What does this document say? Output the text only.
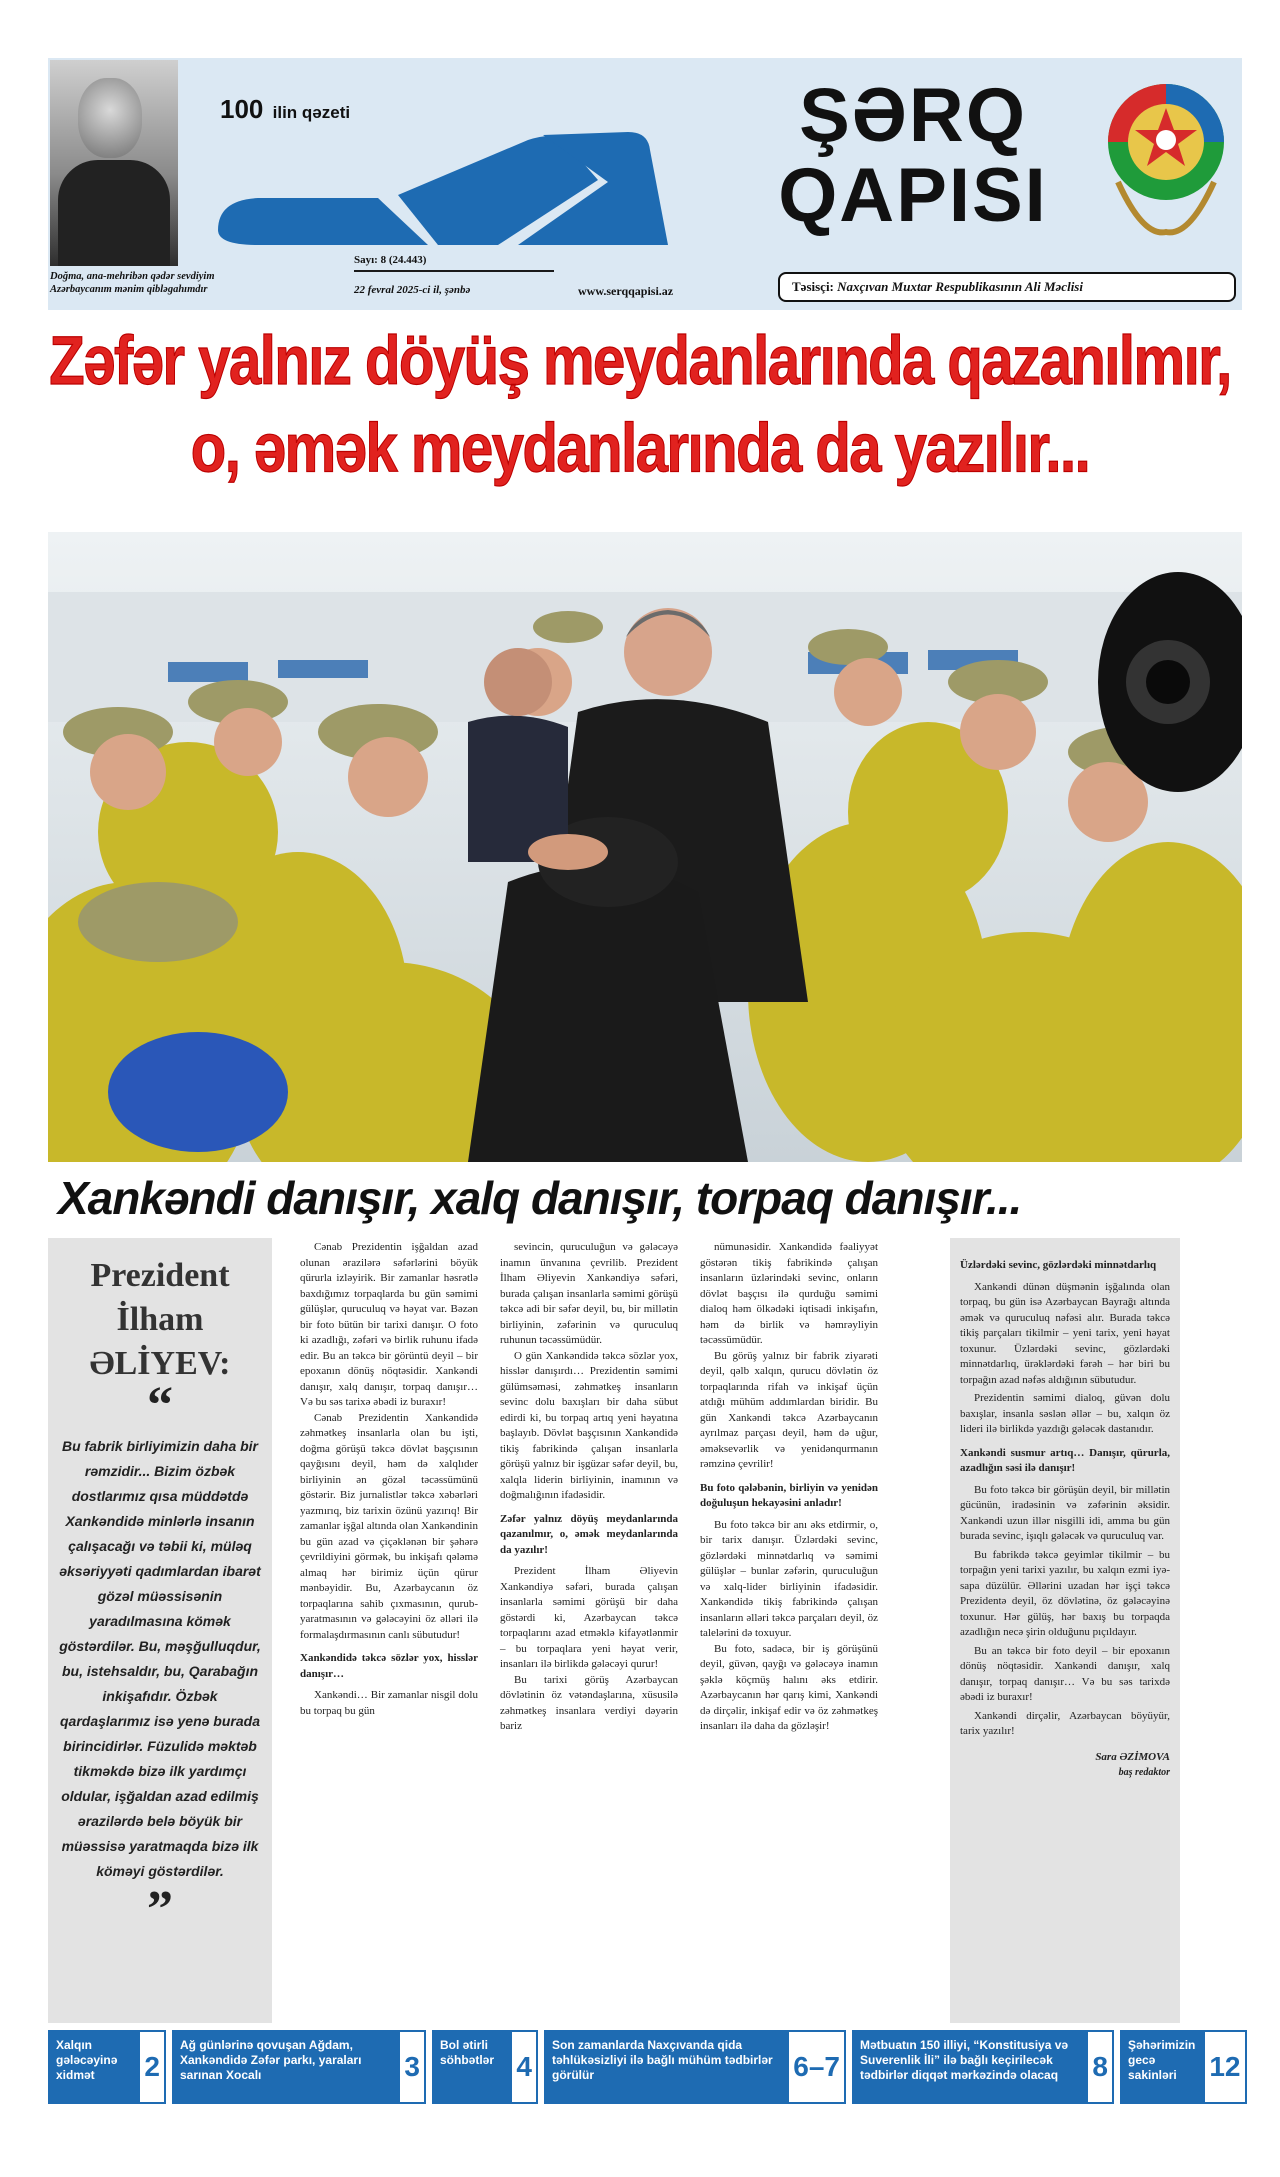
Doğma, ana-mehribən qədər sevdiyim Azərbaycanım mənim qibləgahımdır
100 ilin qəzeti	ŞƏRQ
QAPISI
Sayı: 8 (24.443)
22 fevral 2025-ci il, şənbə	www.serqqapisi.az	Təsisçi: Naxçıvan Muxtar Respublikasının Ali Məclisi
Zəfər yalnız döyüş meydanlarında qazanılmır,
o, əmək meydanlarında da yazılır...
Xankəndi danışır, xalq danışır, torpaq danışır...
Prezident
İlham
ƏLİYEV:
“
Bu fabrik birliyimizin daha bir rəmzidir... Bizim özbək dostlarımız qısa müddətdə Xankəndidə minlərlə insanın çalışacağı və təbii ki, müləq əksəriyyəti qadımlardan ibarət gözəl müəssisənin yaradılmasına kömək göstərdilər. Bu, məşğulluqdur, bu, istehsaldır, bu, Qarabağın inkişafıdır. Özbək qardaşlarımız isə yenə burada birincidirlər. Füzulidə məktəb tikməkdə bizə ilk yardımçı oldular, işğaldan azad edilmiş ərazilərdə belə böyük bir müəssisə yaratmaqda bizə ilk köməyi göstərdilər.
”

Cənab Prezidentin işğaldan azad olunan ərazilərə səfərlərini böyük qürurla izləyirik. Bir zamanlar həsrətlə baxdığımız torpaqlarda bu gün səmimi gülüşlər, quruculuq və həyat var. Bəzən bir foto bütün bir tarixi danışır. O foto ki azadlığı, zəfəri və birlik ruhunu ifadə edir. Bu an təkcə bir görüntü deyil – bir epoxanın dönüş nöqtəsidir. Xankəndi danışır, xalq danışır, torpaq danışır… Və bu səs tarixə əbədi iz buraxır!

Cənab Prezidentin Xankəndidə zəhmətkeş insanlarla olan bu işti, doğma görüşü təkcə dövlət başçısının qayğısını deyil, həm də xalqlıder birliyinin ən gözəl təcəssümünü göstərir. Biz jurnalistlər təkcə xəbərləri yazmırıq, biz tarixin özünü yazırıq! Bir zamanlar işğal altında olan Xankəndinin bu gün azad və çiçəklənən bir şəhərə çevrildiyini görmək, bu inkişafı qələmə almaq hər birimiz üçün qürur mənbəyidir. Bu, Azərbaycanın öz torpaqlarına sahib çıxmasının, qurub-yaratmasının və gələcəyini öz əlləri ilə formalaşdırmasının canlı sübutudur!

Xankəndidə təkcə sözlər yox, hisslər danışır…

Xankəndi… Bir zamanlar nisgil dolu bu torpaq bu gün

sevincin, quruculuğun və gələcəyə inamın ünvanına çevrilib. Prezident İlham Əliyevin Xankəndiyə səfəri, burada çalışan insanlarla səmimi görüşü təkcə adi bir səfər deyil, bu, bir millətin birliyinin, zəfərinin və quruculuq ruhunun təcəssümüdür.

O gün Xankəndidə təkcə sözlər yox, hisslər danışırdı… Prezidentin səmimi gülümsəməsi, zəhmətkeş insanların sevinc dolu baxışları bir daha sübut edirdi ki, bu torpaq artıq yeni həyatına başlayıb. Dövlət başçısının Xankəndidə tikiş fabrikində çalışan insanlarla görüşü yalnız bir işgüzar səfər deyil, bu, xalqla liderin birliyinin, inamının və doğmalığının ifadəsidir.

Zəfər yalnız döyüş meydanlarında qazanılmır, o, əmək meydanlarında da yazılır!

Prezident İlham Əliyevin Xankəndiyə səfəri, burada çalışan insanlarla səmimi görüşü bir daha göstərdi ki, Azərbaycan təkcə torpaqlarını azad etməklə kifayətlənmir – bu torpaqlara yeni həyat verir, insanları ilə birlikdə gələcəyi qurur!

Bu tarixi görüş Azərbaycan dövlətinin öz vətəndaşlarına, xüsusilə zəhmətkeş insanlara verdiyi dəyərin bariz

nümunəsidir. Xankəndidə fəaliyyət göstərən tikiş fabrikində çalışan insanların üzlərindəki sevinc, onların dövlət başçısı ilə qurduğu səmimi dialoq həm ölkədəki iqtisadi inkişafın, həm də birlik və həmrəyliyin təcəssümüdür.

Bu görüş yalnız bir fabrik ziyarəti deyil, qəlb xalqın, qurucu dövlətin öz torpaqlarında rifah və inkişaf üçün atdığı mühüm addımlardan biridir. Bu gün Xankəndi təkcə Azərbaycanın ayrılmaz parçası deyil, həm də uğur, əməksevərlik və yenidənqurmanın rəmzinə çevrilir!

Bu foto qələbənin, birliyin və yenidən doğuluşun hekayəsini anladır!

Bu foto təkcə bir anı əks etdirmir, o, bir tarix danışır. Üzlərdəki sevinc, gözlərdəki minnətdarlıq və səmimi gülüşlər – bunlar zəfərin, quruculuğun və xalq-lider birliyinin ifadəsidir. Xankəndidə tikiş fabrikində çalışan insanların əlləri təkcə parçaları deyil, öz talelərini də toxuyur.

Bu foto, sadəcə, bir iş görüşünü deyil, güvən, qayğı və gələcəyə inamın şəklə köçmüş halını əks etdirir. Azərbaycanın hər qarış kimi, Xankəndi də dirçəlir, inkişaf edir və öz zəhmətkeş insanları ilə daha da gözləşir!

Üzlərdəki sevinc, gözlərdəki minnətdarlıq

Xankəndi dünən düşmənin işğalında olan torpaq, bu gün isə Azərbaycan Bayrağı altında əmək və quruculuq nəfəsi alır. Burada təkcə tikiş parçaları tikilmir – yeni tarix, yeni həyat toxunur. Üzlərdəki sevinc, gözlərdəki minnətdarlıq, ürəklərdəki fərəh – hər biri bu torpağın azad nəfəs aldığının sübutudur.

Prezidentin səmimi dialoq, güvən dolu baxışlar, insanla səslən əllər – bu, xalqın öz lideri ilə birlikdə yazdığı gələcək dastanıdır.

Xankəndi susmur artıq… Danışır, qürurla, azadlığın səsi ilə danışır!

Bu foto təkcə bir görüşün deyil, bir millətin gücünün, iradəsinin və zəfərinin əksidir. Xankəndi uzun illər nisgilli idi, amma bu gün burada sevinc, işıqlı gələcək və quruculuq var.

Bu fabrikdə təkcə geyimlər tikilmir – bu torpağın yeni tarixi yazılır, bu xalqın ezmi iyə-sapa düzülür. Əllərini uzadan hər işçi təkcə Prezidentə deyil, öz dövlətinə, öz gələcəyinə toxunur. Hər gülüş, hər baxış bu torpaqda azadlığın necə şirin olduğunu pıçıldayır.

Bu an təkcə bir foto deyil – bir epoxanın dönüş nöqtəsidir. Xankəndi danışır, xalq danışır, torpaq danışır… Və bu səs tarixdə əbədi iz buraxır!

Xankəndi dirçəlir, Azərbaycan böyüyür, tarix yazılır!

Sara ƏZİMOVA
baş redaktor
Xalqın gələcəyinə xidmət	2
Ağ günlərinə qovuşan Ağdam, Xankəndidə Zəfər parkı, yaraları sarınan Xocalı	3
Bol ətirli söhbətlər 4
Son zamanlarda Naxçıvanda qida təhlükəsizliyi ilə bağlı mühüm tədbirlər görülür	6–7
Mətbuatın 150 illiyi, “Konstitusiya və Suverenlik İli” ilə bağlı keçirilecək tədbirlər diqqət mərkəzində olacaq	8
Şəhərimizin gecə sakinləri	12
